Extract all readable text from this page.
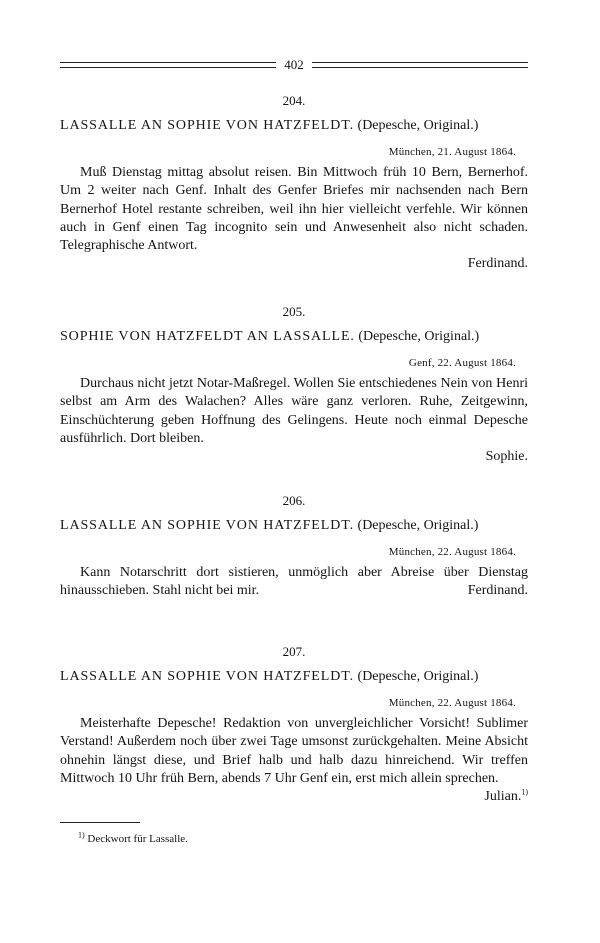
402
204.
LASSALLE AN SOPHIE VON HATZFELDT. (Depesche, Original.)
München, 21. August 1864.
Muß Dienstag mittag absolut reisen. Bin Mittwoch früh 10 Bern, Bernerhof. Um 2 weiter nach Genf. Inhalt des Genfer Briefes mir nachsenden nach Bern Bernerhof Hotel restante schreiben, weil ihn hier vielleicht verfehle. Wir können auch in Genf einen Tag incognito sein und Anwesenheit also nicht schaden. Telegraphische Antwort.
Ferdinand.
205.
SOPHIE VON HATZFELDT AN LASSALLE. (Depesche, Original.)
Genf, 22. August 1864.
Durchaus nicht jetzt Notar-Maßregel. Wollen Sie entschiedenes Nein von Henri selbst am Arm des Walachen? Alles wäre ganz verloren. Ruhe, Zeitgewinn, Einschüchterung geben Hoffnung des Gelingens. Heute noch einmal Depesche ausführlich. Dort bleiben.
Sophie.
206.
LASSALLE AN SOPHIE VON HATZFELDT. (Depesche, Original.)
München, 22. August 1864.
Kann Notarschritt dort sistieren, unmöglich aber Abreise über Dienstag hinausschieben. Stahl nicht bei mir.	Ferdinand.
207.
LASSALLE AN SOPHIE VON HATZFELDT. (Depesche, Original.)
München, 22. August 1864.
Meisterhafte Depesche! Redaktion von unvergleichlicher Vorsicht! Sublimer Verstand! Außerdem noch über zwei Tage umsonst zurückgehalten. Meine Absicht ohnehin längst diese, und Brief halb und halb dazu hinreichend. Wir treffen Mittwoch 10 Uhr früh Bern, abends 7 Uhr Genf ein, erst mich allein sprechen.
Julian.$^{1)}$
$^{1)}$ Deckwort für Lassalle.
